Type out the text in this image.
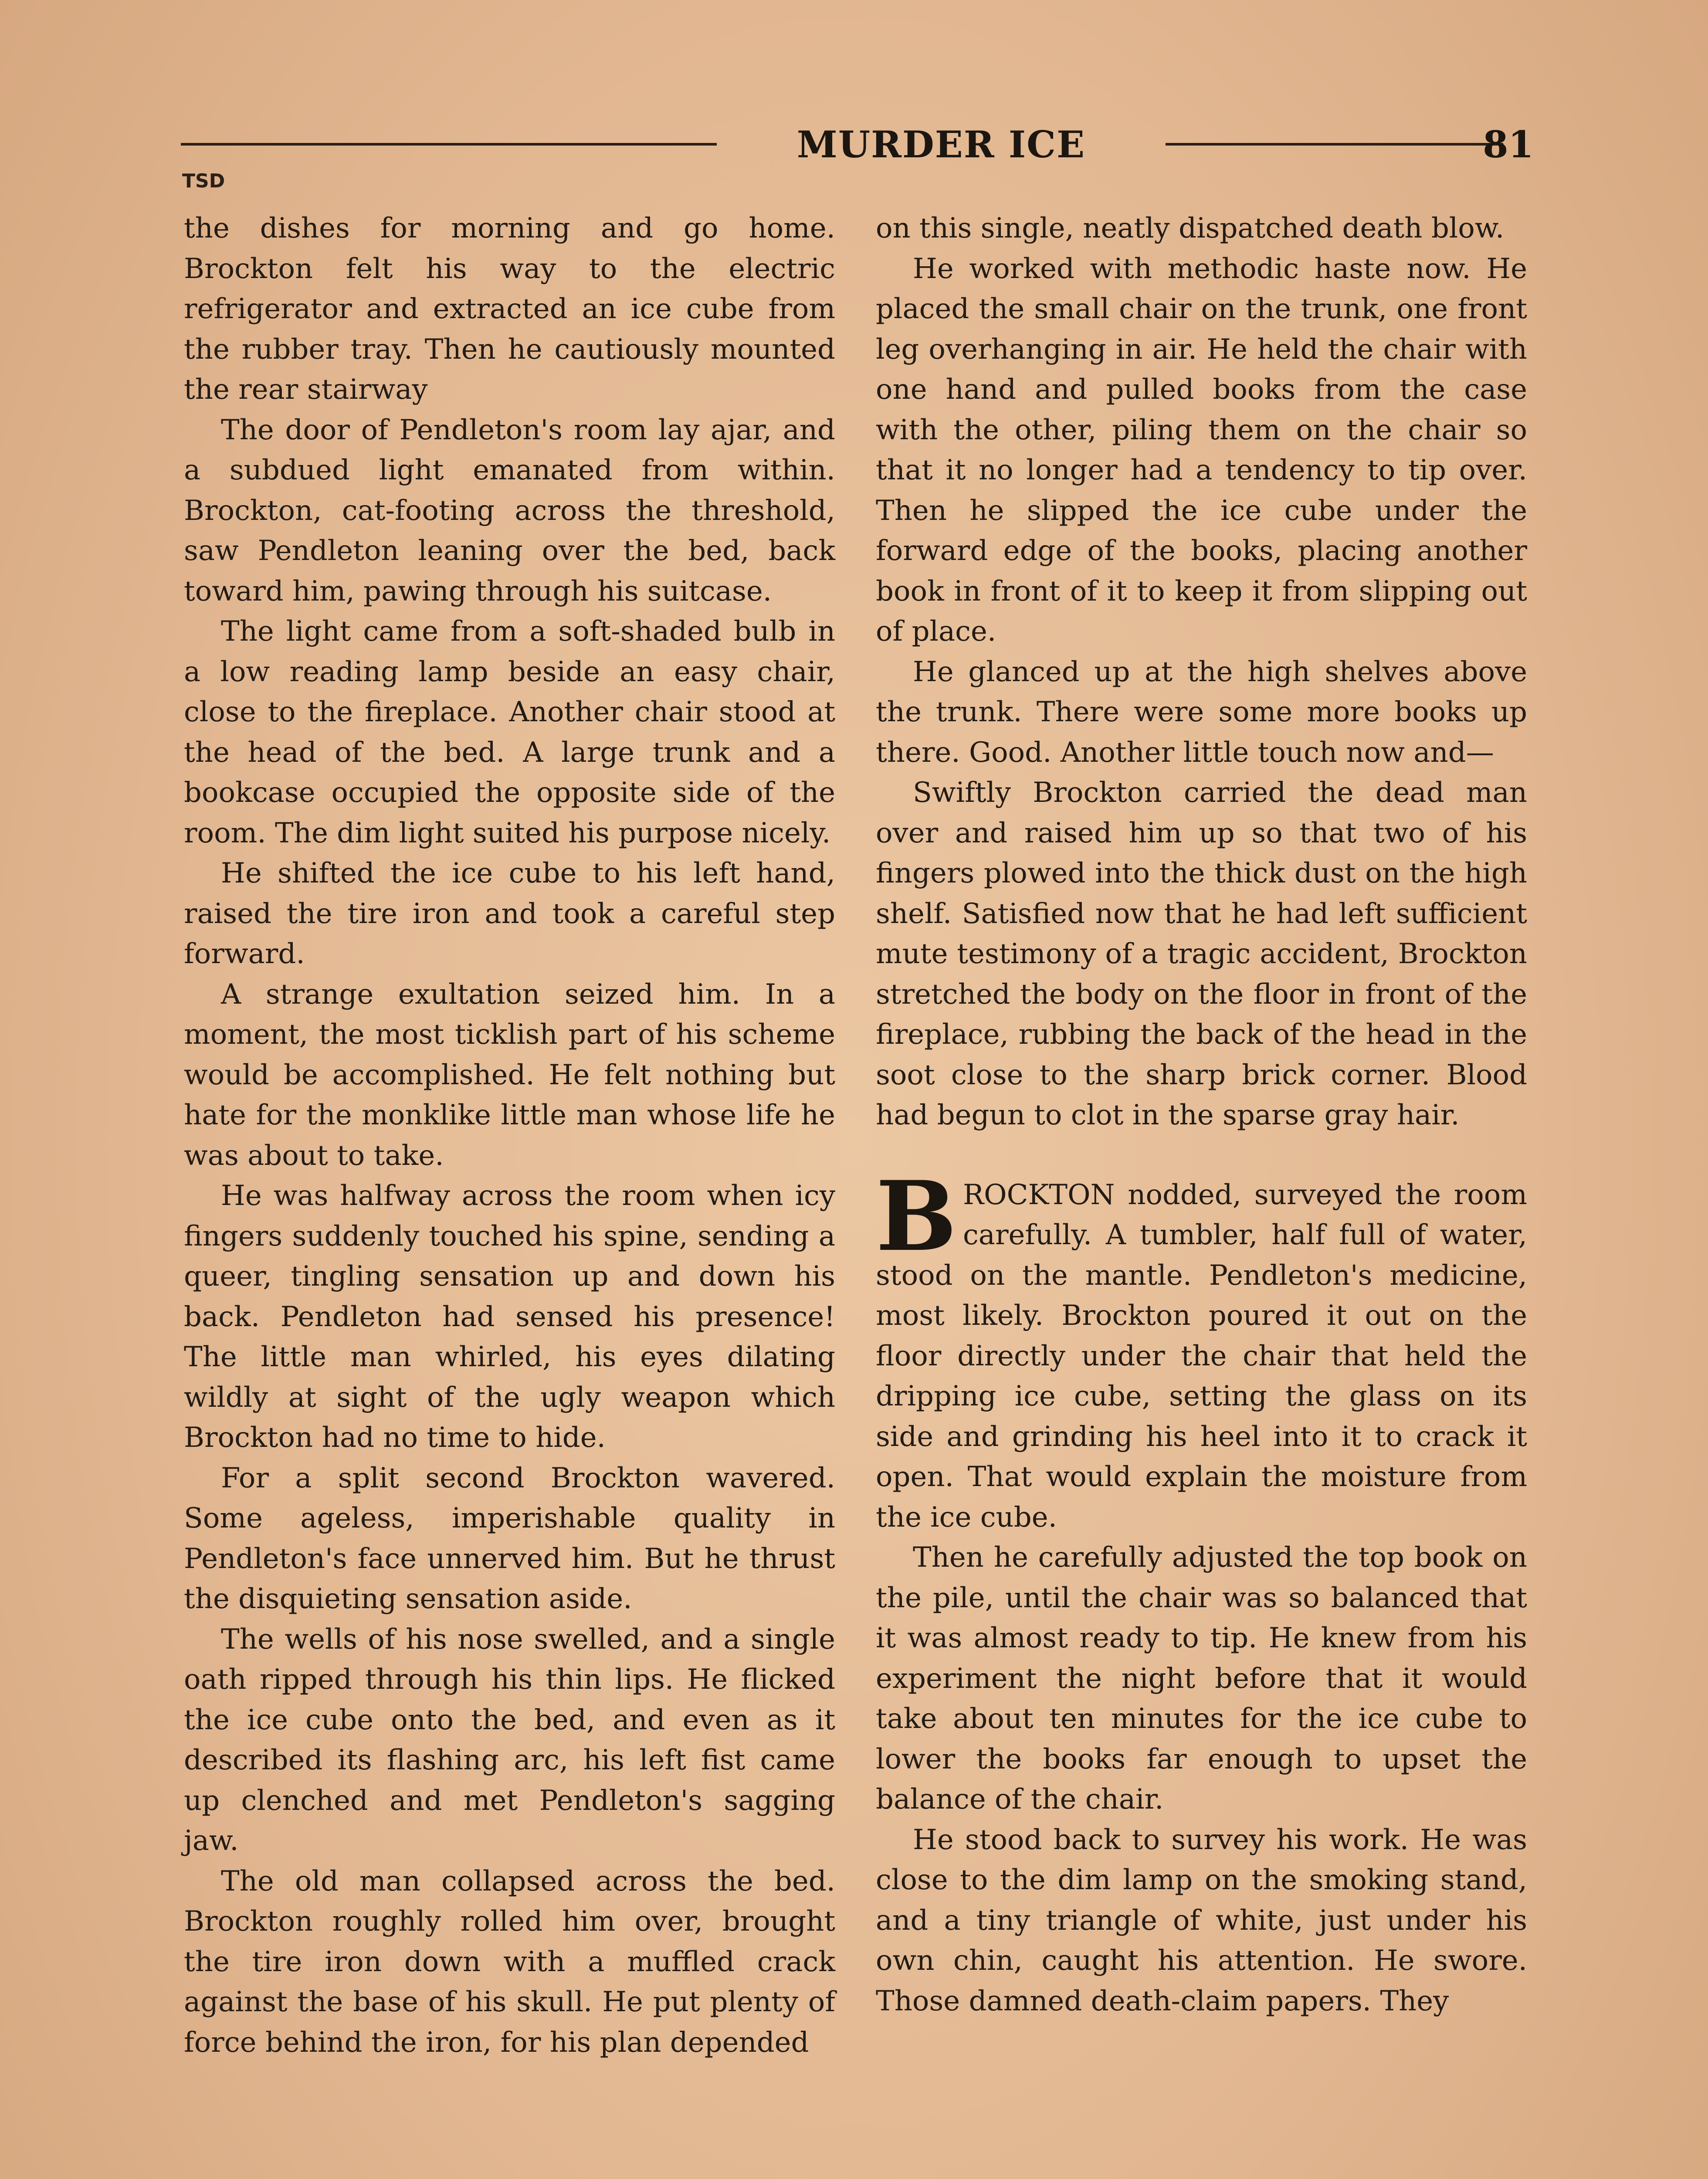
MURDER ICE	81
TSD

the dishes for morning and go home. Brockton felt his way to the electric refrigerator and extracted an ice cube from the rubber tray. Then he cautiously mounted the rear stairway

The door of Pendleton's room lay ajar, and a subdued light emanated from within. Brockton, cat-footing across the threshold, saw Pendleton leaning over the bed, back toward him, pawing through his suitcase.

The light came from a soft-shaded bulb in a low reading lamp beside an easy chair, close to the fireplace. Another chair stood at the head of the bed. A large trunk and a bookcase occupied the opposite side of the room. The dim light suited his purpose nicely.

He shifted the ice cube to his left hand, raised the tire iron and took a careful step forward.

A strange exultation seized him. In a moment, the most ticklish part of his scheme would be accomplished. He felt nothing but hate for the monklike little man whose life he was about to take.

He was halfway across the room when icy fingers suddenly touched his spine, sending a queer, tingling sensation up and down his back. Pendleton had sensed his presence! The little man whirled, his eyes dilating wildly at sight of the ugly weapon which Brockton had no time to hide.

For a split second Brockton wavered. Some ageless, imperishable quality in Pendleton's face unnerved him. But he thrust the disquieting sensation aside.

The wells of his nose swelled, and a single oath ripped through his thin lips. He flicked the ice cube onto the bed, and even as it described its flashing arc, his left fist came up clenched and met Pendleton's sagging jaw.

The old man collapsed across the bed. Brockton roughly rolled him over, brought the tire iron down with a muffled crack against the base of his skull. He put plenty of force behind the iron, for his plan depended

on this single, neatly dispatched death blow.

He worked with methodic haste now. He placed the small chair on the trunk, one front leg overhanging in air. He held the chair with one hand and pulled books from the case with the other, piling them on the chair so that it no longer had a tendency to tip over. Then he slipped the ice cube under the forward edge of the books, placing another book in front of it to keep it from slipping out of place.

He glanced up at the high shelves above the trunk. There were some more books up there. Good. Another little touch now and—

Swiftly Brockton carried the dead man over and raised him up so that two of his fingers plowed into the thick dust on the high shelf. Satisfied now that he had left sufficient mute testimony of a tragic accident, Brockton stretched the body on the floor in front of the fireplace, rubbing the back of the head in the soot close to the sharp brick corner. Blood had begun to clot in the sparse gray hair.

BROCKTON nodded, surveyed the room carefully. A tumbler, half full of water, stood on the mantle. Pendleton's medicine, most likely. Brockton poured it out on the floor directly under the chair that held the dripping ice cube, setting the glass on its side and grinding his heel into it to crack it open. That would explain the moisture from the ice cube.

Then he carefully adjusted the top book on the pile, until the chair was so balanced that it was almost ready to tip. He knew from his experiment the night before that it would take about ten minutes for the ice cube to lower the books far enough to upset the balance of the chair.

He stood back to survey his work. He was close to the dim lamp on the smoking stand, and a tiny triangle of white, just under his own chin, caught his attention. He swore. Those damned death-claim papers. They
